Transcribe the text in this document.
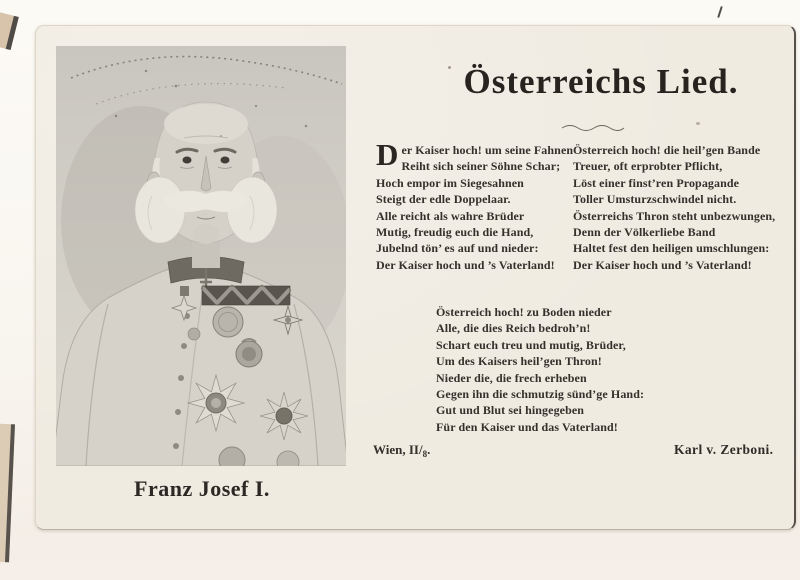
Franz Josef I.
Österreichs Lied.
Der Kaiser hoch! um seine Fahnen
Reiht sich seiner Söhne Schar;
Hoch empor im Siegesahnen
Steigt der edle Doppelaar.
Alle reicht als wahre Brüder
Mutig, freudig euch die Hand,
Jubelnd tön’ es auf und nieder:
Der Kaiser hoch und ’s Vaterland!
Österreich hoch! die heil’gen Bande
Treuer, oft erprobter Pflicht,
Löst einer finst’ren Propagande
Toller Umsturzschwindel nicht.
Österreichs Thron steht unbezwungen,
Denn der Völkerliebe Band
Haltet fest den heiligen umschlungen:
Der Kaiser hoch und ’s Vaterland!
Österreich hoch! zu Boden nieder
Alle, die dies Reich bedroh’n!
Schart euch treu und mutig, Brüder,
Um des Kaisers heil’gen Thron!
Nieder die, die frech erheben
Gegen ihn die schmutzig sünd’ge Hand:
Gut und Blut sei hingegeben
Für den Kaiser und das Vaterland!
Wien, $II/_8$.	Karl v. Zerboni.
